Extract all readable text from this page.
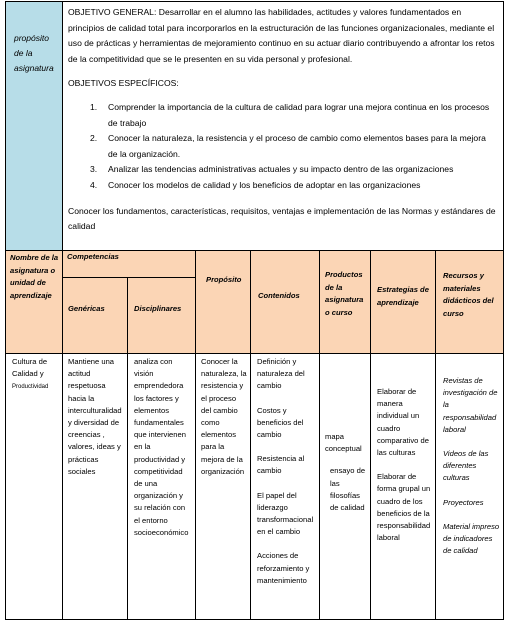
propósito de la asignatura

OBJETIVO GENERAL: Desarrollar en el alumno las habilidades, actitudes y valores fundamentados en principios de calidad total para incorporarlos en la estructuración de las funciones organizacionales, mediante el uso de prácticas y herramientas de mejoramiento continuo en su actuar diario contribuyendo a afrontar los retos de la competitividad que se le presenten en su vida personal y profesional.

OBJETIVOS ESPECÍFICOS:

1. Comprender la importancia de la cultura de calidad para lograr una mejora continua en los procesos de trabajo
2. Conocer la naturaleza, la resistencia y el proceso de cambio como elementos bases para la mejora de la organización.
3. Analizar las tendencias administrativas actuales y su impacto dentro de las organizaciones
4. Conocer los modelos de calidad y los beneficios de adoptar en las organizaciones

Conocer los fundamentos, características, requisitos, ventajas e implementación de las Normas y estándares de calidad

Nombre de la asignatura o unidad de aprendizaje
Competencias
Genéricas	Disciplinares
Propósito
Contenidos
Productos de la asignatura o curso
Estrategias de aprendizaje
Recursos y materiales didácticos del curso
Cultura de Calidad y
Productividad
Mantiene una actitud respetuosa hacia la interculturalidad y diversidad de creencias , valores, ideas y prácticas sociales
analiza con visión emprendedora los factores y elementos fundamentales que intervienen en la productividad y competitividad de una organización y su relación con el entorno socioeconómico
Conocer la naturaleza, la resistencia y el proceso del cambio como elementos para la mejora de la organización

Definición y naturaleza del cambio

Costos y beneficios del cambio

Resistencia al cambio

El papel del liderazgo transformacional en el cambio

Acciones de reforzamiento y mantenimiento

mapa conceptual

ensayo de las filosofías de calidad

Elaborar de manera individual un cuadro comparativo de las culturas

Elaborar de forma grupal un cuadro de los beneficios de la responsabilidad laboral

Revistas de investigación de la responsabilidad laboral

Videos de las diferentes culturas

Proyectores

Material impreso de indicadores de calidad
